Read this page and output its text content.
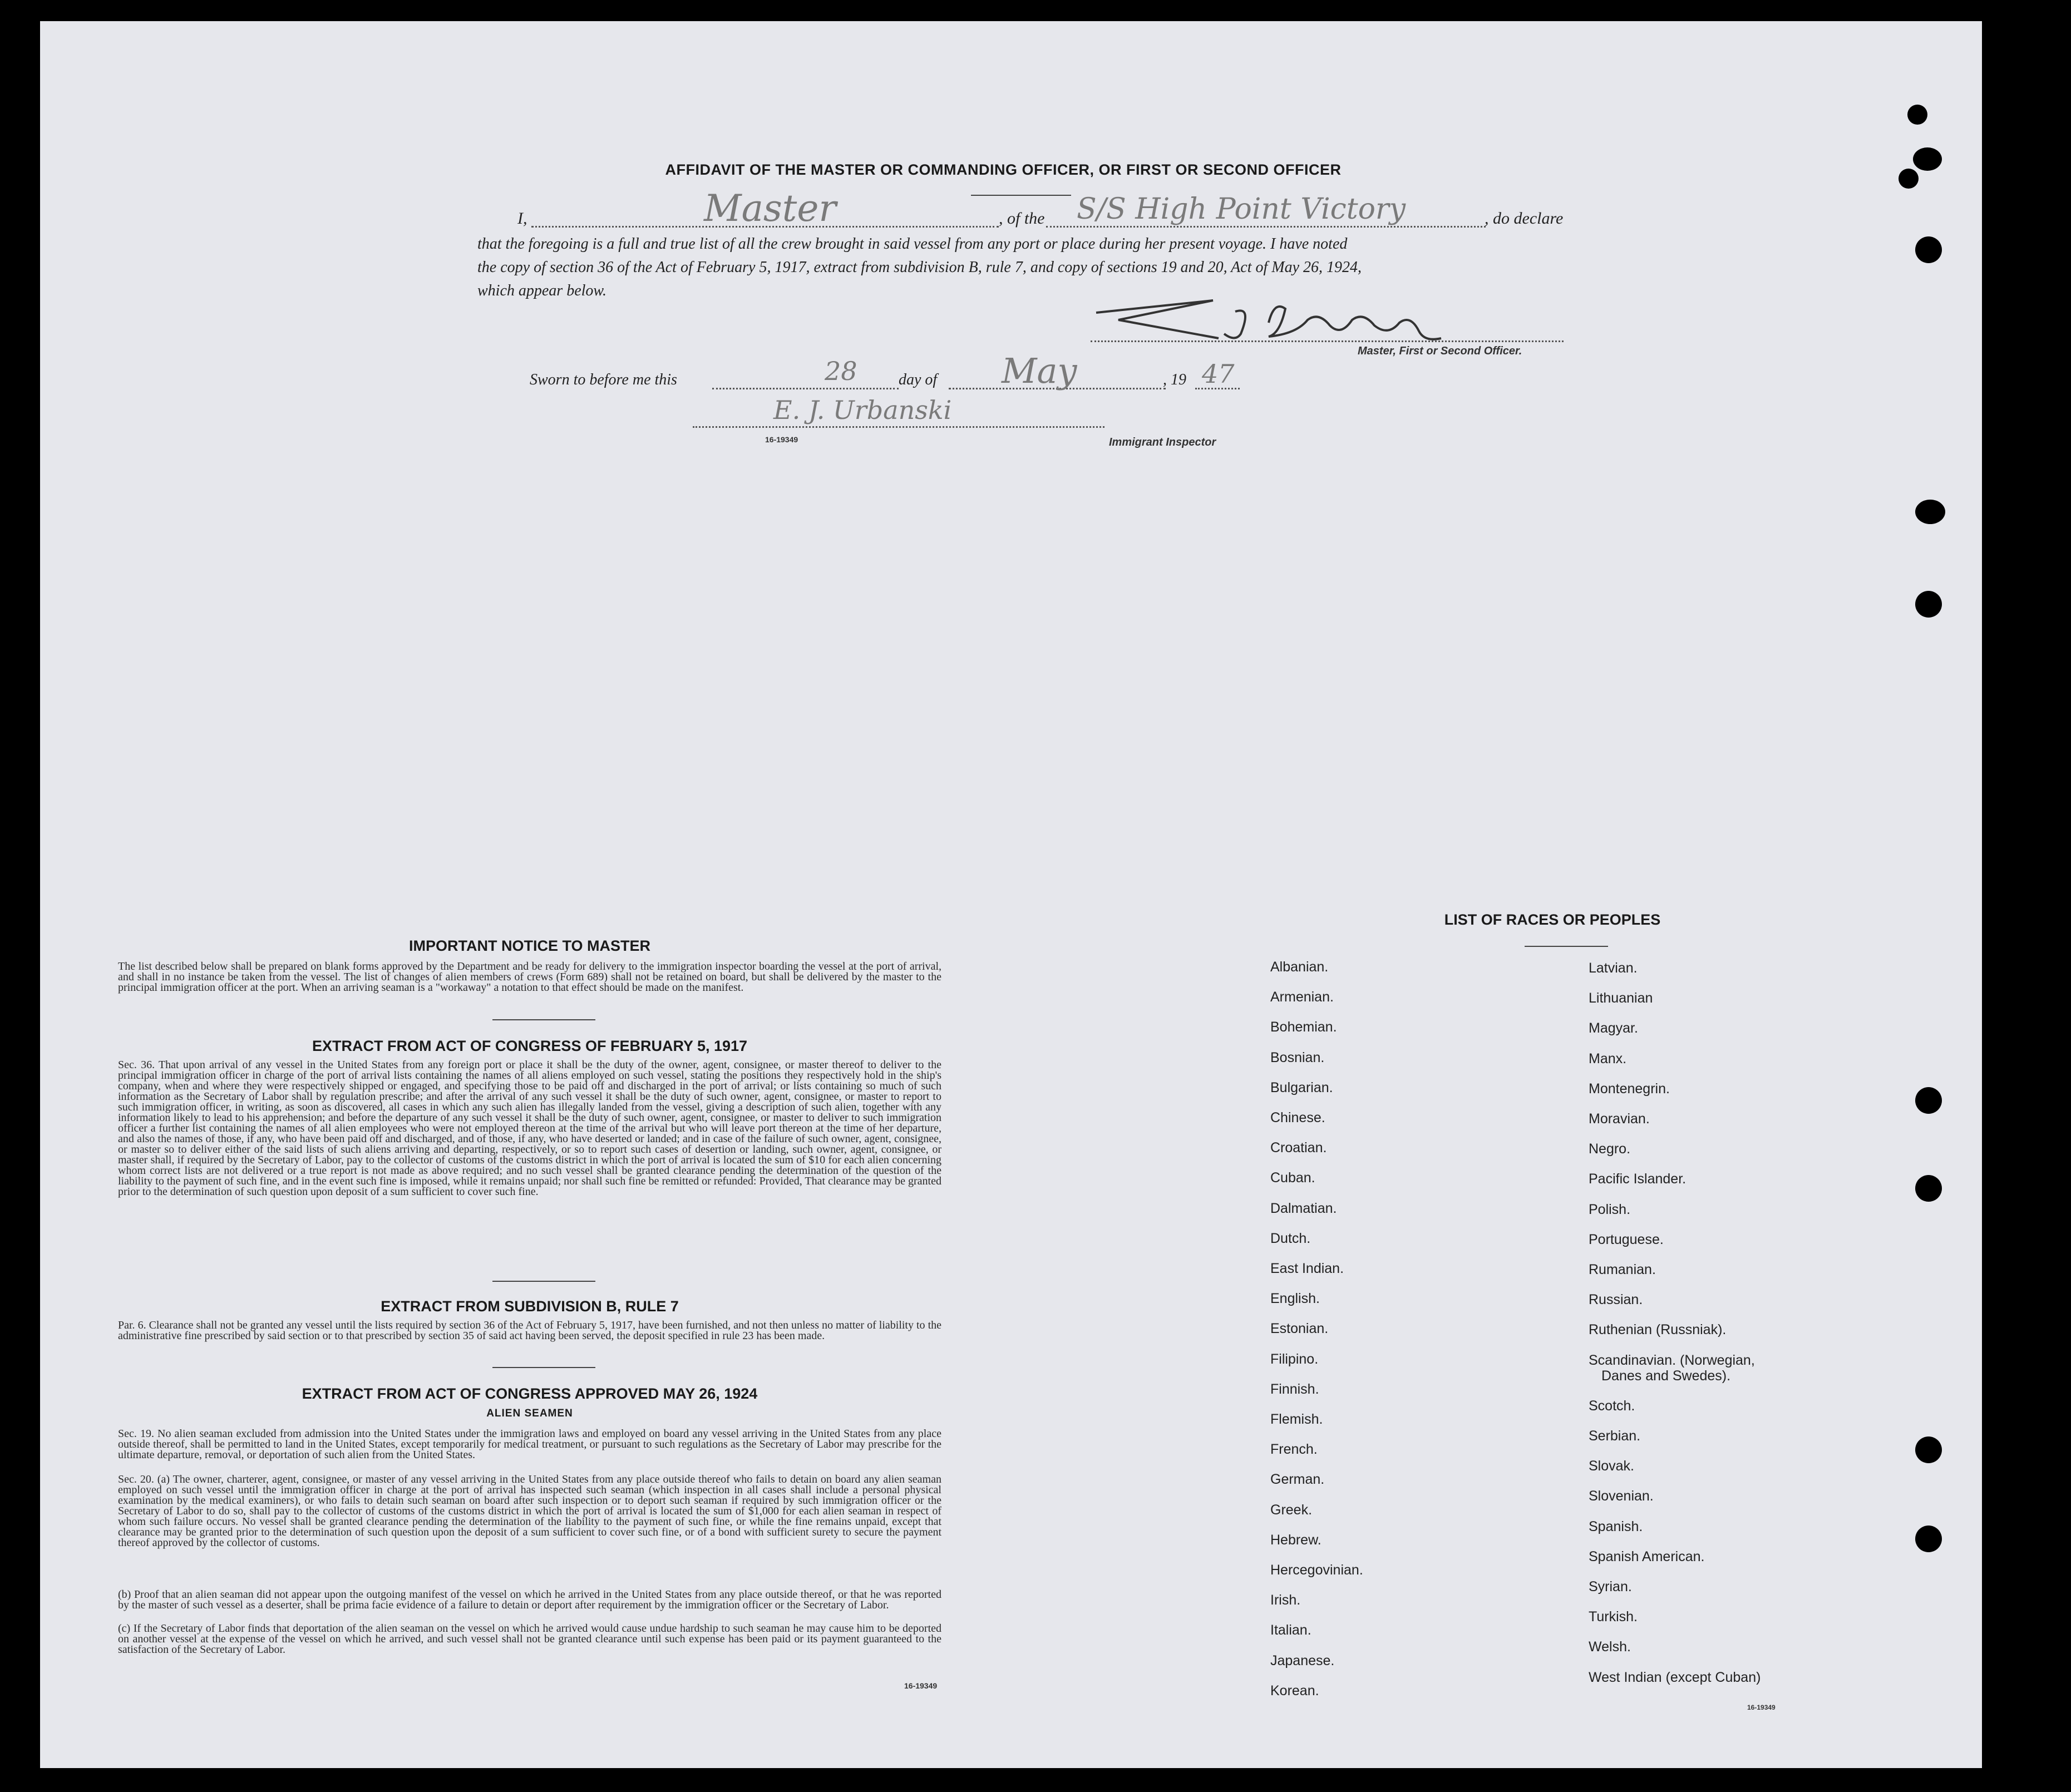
AFFIDAVIT OF THE MASTER OR COMMANDING OFFICER, OR FIRST OR SECOND OFFICER
I,	Master	, of the S/S High Point Victory	, do declare
that the foregoing is a full and true list of all the crew brought in said vessel from any port or place during her present voyage. I have noted
the copy of section 36 of the Act of February 5, 1917, extract from subdivision B, rule 7, and copy of sections 19 and 20, Act of May 26, 1924,
which appear below.
Master, First or Second Officer.
Sworn to before me this	28	day of May	, 19 47
E. J. Urbanski
16-19349	Immigrant Inspector
IMPORTANT NOTICE TO MASTER
The list described below shall be prepared on blank forms approved by the Department and be ready for delivery to the immigration inspector boarding the vessel at the port of arrival, and shall in no instance be taken from the vessel. The list of changes of alien members of crews (Form 689) shall not be retained on board, but shall be delivered by the master to the principal immigration officer at the port. When an arriving seaman is a "workaway" a notation to that effect should be made on the manifest.
EXTRACT FROM ACT OF CONGRESS OF FEBRUARY 5, 1917
Sec. 36. That upon arrival of any vessel in the United States from any foreign port or place it shall be the duty of the owner, agent, consignee, or master thereof to deliver to the principal immigration officer in charge of the port of arrival lists containing the names of all aliens employed on such vessel, stating the positions they respectively hold in the ship's company, when and where they were respectively shipped or engaged, and specifying those to be paid off and discharged in the port of arrival; or lists containing so much of such information as the Secretary of Labor shall by regulation prescribe; and after the arrival of any such vessel it shall be the duty of such owner, agent, consignee, or master to report to such immigration officer, in writing, as soon as discovered, all cases in which any such alien has illegally landed from the vessel, giving a description of such alien, together with any information likely to lead to his apprehension; and before the departure of any such vessel it shall be the duty of such owner, agent, consignee, or master to deliver to such immigration officer a further list containing the names of all alien employees who were not employed thereon at the time of the arrival but who will leave port thereon at the time of her departure, and also the names of those, if any, who have been paid off and discharged, and of those, if any, who have deserted or landed; and in case of the failure of such owner, agent, consignee, or master so to deliver either of the said lists of such aliens arriving and departing, respectively, or so to report such cases of desertion or landing, such owner, agent, consignee, or master shall, if required by the Secretary of Labor, pay to the collector of customs of the customs district in which the port of arrival is located the sum of $10 for each alien concerning whom correct lists are not delivered or a true report is not made as above required; and no such vessel shall be granted clearance pending the determination of the question of the liability to the payment of such fine, and in the event such fine is imposed, while it remains unpaid; nor shall such fine be remitted or refunded: Provided, That clearance may be granted prior to the determination of such question upon deposit of a sum sufficient to cover such fine.
EXTRACT FROM SUBDIVISION B, RULE 7
Par. 6. Clearance shall not be granted any vessel until the lists required by section 36 of the Act of February 5, 1917, have been furnished, and not then unless no matter of liability to the administrative fine prescribed by said section or to that prescribed by section 35 of said act having been served, the deposit specified in rule 23 has been made.
EXTRACT FROM ACT OF CONGRESS APPROVED MAY 26, 1924
ALIEN SEAMEN
Sec. 19. No alien seaman excluded from admission into the United States under the immigration laws and employed on board any vessel arriving in the United States from any place outside thereof, shall be permitted to land in the United States, except temporarily for medical treatment, or pursuant to such regulations as the Secretary of Labor may prescribe for the ultimate departure, removal, or deportation of such alien from the United States.
Sec. 20. (a) The owner, charterer, agent, consignee, or master of any vessel arriving in the United States from any place outside thereof who fails to detain on board any alien seaman employed on such vessel until the immigration officer in charge at the port of arrival has inspected such seaman (which inspection in all cases shall include a personal physical examination by the medical examiners), or who fails to detain such seaman on board after such inspection or to deport such seaman if required by such immigration officer or the Secretary of Labor to do so, shall pay to the collector of customs of the customs district in which the port of arrival is located the sum of $1,000 for each alien seaman in respect of whom such failure occurs. No vessel shall be granted clearance pending the determination of the liability to the payment of such fine, or while the fine remains unpaid, except that clearance may be granted prior to the determination of such question upon the deposit of a sum sufficient to cover such fine, or of a bond with sufficient surety to secure the payment thereof approved by the collector of customs.
(b) Proof that an alien seaman did not appear upon the outgoing manifest of the vessel on which he arrived in the United States from any place outside thereof, or that he was reported by the master of such vessel as a deserter, shall be prima facie evidence of a failure to detain or deport after requirement by the immigration officer or the Secretary of Labor.
(c) If the Secretary of Labor finds that deportation of the alien seaman on the vessel on which he arrived would cause undue hardship to such seaman he may cause him to be deported on another vessel at the expense of the vessel on which he arrived, and such vessel shall not be granted clearance until such expense has been paid or its payment guaranteed to the satisfaction of the Secretary of Labor.
16-19349
LIST OF RACES OR PEOPLES
Albanian.
Armenian.
Bohemian.
Bosnian.
Bulgarian.
Chinese.
Croatian.
Cuban.
Dalmatian.
Dutch.
East Indian.
English.
Estonian.
Filipino.
Finnish.
Flemish.
French.
German.
Greek.
Hebrew.
Hercegovinian.
Irish.
Italian.
Japanese.
Korean.
Latvian.
Lithuanian
Magyar.
Manx.
Montenegrin.
Moravian.
Negro.
Pacific Islander.
Polish.
Portuguese.
Rumanian.
Russian.
Ruthenian (Russniak).
Scandinavian. (Norwegian,
Danes and Swedes).
Scotch.
Serbian.
Slovak.
Slovenian.
Spanish.
Spanish American.
Syrian.
Turkish.
Welsh.
West Indian (except Cuban)
16-19349
